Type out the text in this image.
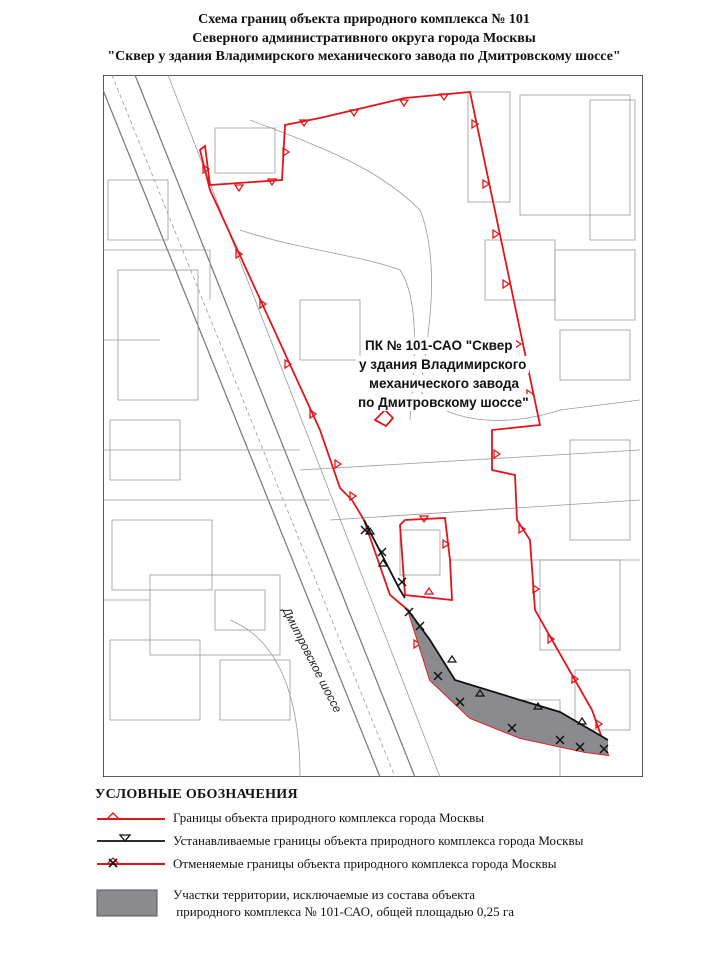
Схема границ объекта природного комплекса № 101
Северного административного округа города Москвы
"Сквер у здания Владимирского механического завода по Дмитровскому шоссе"
ПК № 101-САО "Сквер
у здания Владимирского
механического завода
по Дмитровскому шоссе"
Дмитровское шоссе
УСЛОВНЫЕ ОБОЗНАЧЕНИЯ
Границы объекта природного комплекса города Москвы
Устанавливаемые границы объекта природного комплекса города Москвы
Отменяемые границы объекта природного комплекса города Москвы
Участки территории, исключаемые из состава объекта
природного комплекса № 101-САО, общей площадью 0,25 га
